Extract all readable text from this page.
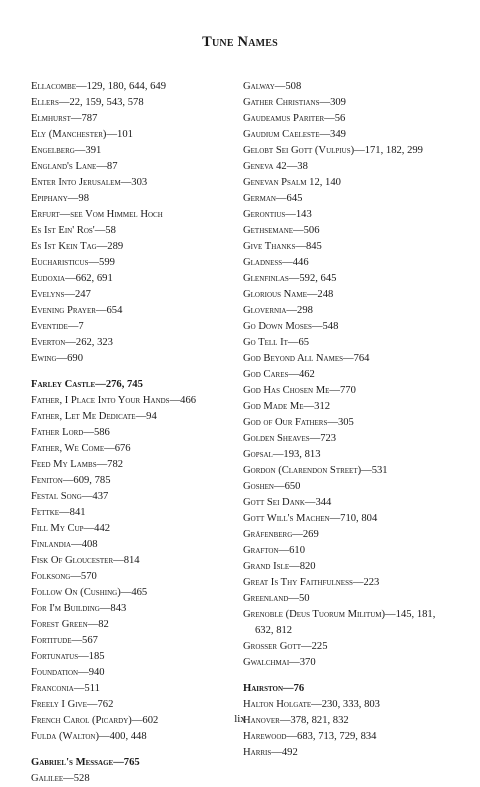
Tune Names
Ellacombe—129, 180, 644, 649
Ellers—22, 159, 543, 578
Elmhurst—787
Ely (Manchester)—101
Engelberg—391
England's Lane—87
Enter Into Jerusalem—303
Epiphany—98
Erfurt—see Vom Himmel Hoch
Es Ist Ein' Ros'—58
Es Ist Kein Tag—289
Eucharisticus—599
Eudoxia—662, 691
Evelyns—247
Evening Prayer—654
Eventide—7
Everton—262, 323
Ewing—690
Farley Castle—276, 745
Father, I Place Into Your Hands—466
Father, Let Me Dedicate—94
Father Lord—586
Father, We Come—676
Feed My Lambs—782
Feniton—609, 785
Festal Song—437
Fettke—841
Fill My Cup—442
Finlandia—408
Fisk Of Gloucester—814
Folksong—570
Follow On (Cushing)—465
For I'm Building—843
Forest Green—82
Fortitude—567
Fortunatus—185
Foundation—940
Franconia—511
Freely I Give—762
French Carol (Picardy)—602
Fulda (Walton)—400, 448
Gabriel's Message—765
Galilee—528
Galway—508
Gather Christians—309
Gaudeamus Pariter—56
Gaudium Caeleste—349
Gelobt Sei Gott (Vulpius)—171, 182, 299
Geneva 42—38
Genevan Psalm 12, 140
German—645
Gerontius—143
Gethsemane—506
Give Thanks—845
Gladness—446
Glenfinlas—592, 645
Glorious Name—248
Glovernia—298
Go Down Moses—548
Go Tell It—65
God Beyond All Names—764
God Cares—462
God Has Chosen Me—770
God Made Me—312
God of Our Fathers—305
Golden Sheaves—723
Gopsal—193, 813
Gordon (Clarendon Street)—531
Goshen—650
Gott Sei Dank—344
Gott Will's Machen—710, 804
Gräfenberg—269
Grafton—610
Grand Isle—820
Great Is Thy Faithfulness—223
Greenland—50
Grenoble (Deus Tuorum Militum)—145, 181, 632, 812
Grosser Gott—225
Gwalchmai—370
Hairston—76
Halton Holgate—230, 333, 803
Hanover—378, 821, 832
Harewood—683, 713, 729, 834
Harris—492
lix
